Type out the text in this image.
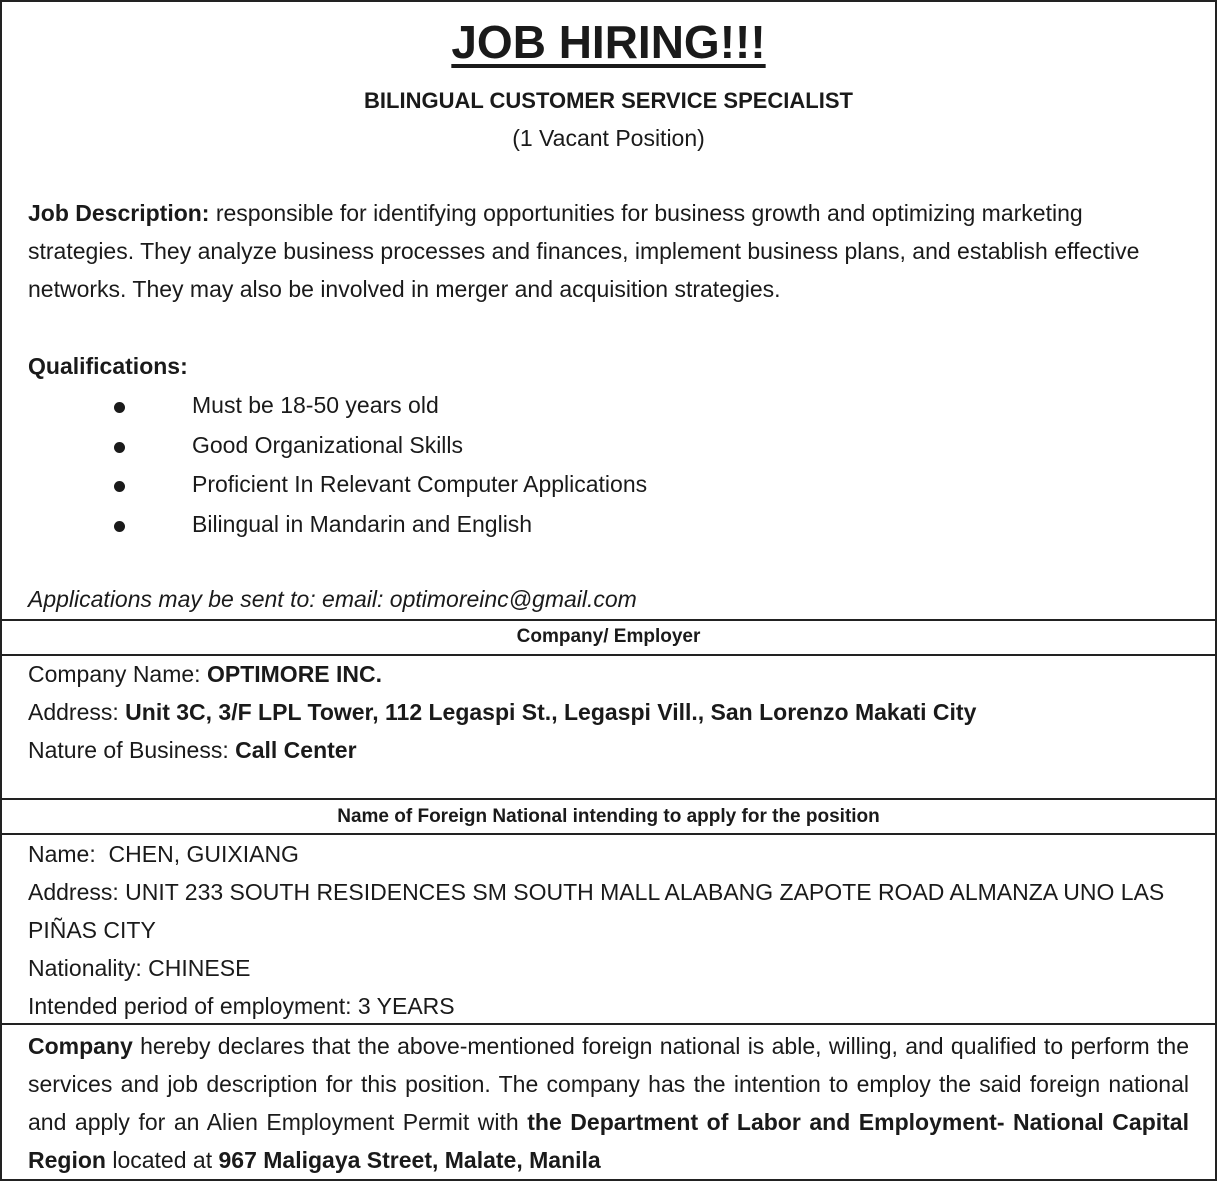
JOB HIRING!!!
BILINGUAL CUSTOMER SERVICE SPECIALIST
(1 Vacant Position)
Job Description: responsible for identifying opportunities for business growth and optimizing marketing strategies. They analyze business processes and finances, implement business plans, and establish effective networks. They may also be involved in merger and acquisition strategies.
Qualifications:
Must be 18-50 years old
Good Organizational Skills
Proficient In Relevant Computer Applications
Bilingual in Mandarin and English
Applications may be sent to: email: optimoreinc@gmail.com
Company/ Employer
Company Name: OPTIMORE INC.
Address: Unit 3C, 3/F LPL Tower, 112 Legaspi St., Legaspi Vill., San Lorenzo Makati City
Nature of Business: Call Center
Name of Foreign National intending to apply for the position
Name:  CHEN, GUIXIANG
Address: UNIT 233 SOUTH RESIDENCES SM SOUTH MALL ALABANG ZAPOTE ROAD ALMANZA UNO LAS PIÑAS CITY
Nationality: CHINESE
Intended period of employment: 3 YEARS
Company hereby declares that the above-mentioned foreign national is able, willing, and qualified to perform the services and job description for this position. The company has the intention to employ the said foreign national and apply for an Alien Employment Permit with the Department of Labor and Employment- National Capital Region located at 967 Maligaya Street, Malate, Manila
